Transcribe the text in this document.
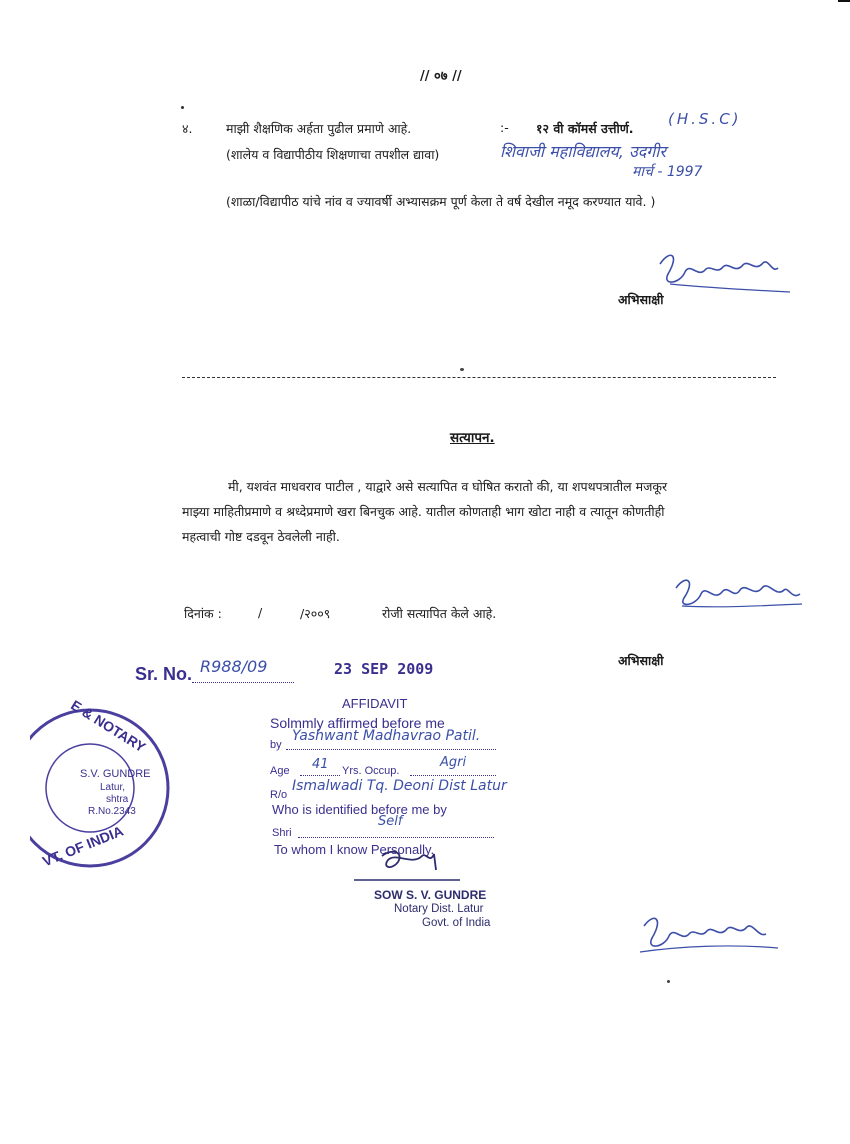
// ०७ //
४.	माझी शैक्षणिक अर्हता पुढील प्रमाणे आहे.	:- १२ वी कॉमर्स उत्तीर्ण.
(H.S.C)
(शालेय व विद्यापीठीय शिक्षणाचा तपशील द्यावा)	शिवाजी महाविद्यालय, उदगीर
मार्च - 1997
(शाळा/विद्यापीठ यांचे नांव व ज्यावर्षी अभ्यासक्रम पूर्ण केला ते वर्ष देखील नमूद करण्यात यावे. )
अभिसाक्षी
सत्यापन.
मी, यशवंत माधवराव पाटील , याद्वारे असे सत्यापित व घोषित करातो की, या शपथपत्रातील मजकूर
माझ्या माहितीप्रमाणे व श्रध्देप्रमाणे खरा बिनचुक आहे. यातील कोणताही भाग खोटा नाही व त्यातून कोणतीही
महत्वाची गोष्ट दडवून ठेवलेली नाही.
दिनांक :	/	/२००९	रोजी सत्यापित केले आहे.
अभिसाक्षी
Sr. No. R988/09	23 SEP 2009
E & NOTARY
S.V. GUNDRE
Latur,
shtra
R.No.2343
VT. OF INDIA
AFFIDAVIT
Solmmly affirmed before me
by
Yashwant Madhavrao Patil.
Age 41 Yrs. Occup.
Agri
R/o
Ismalwadi Tq. Deoni Dist Latur
Who is identified before me by
Shri
Self
To whom I know Personally.
SOW S. V. GUNDRE
Notary Dist. Latur
Govt. of India
